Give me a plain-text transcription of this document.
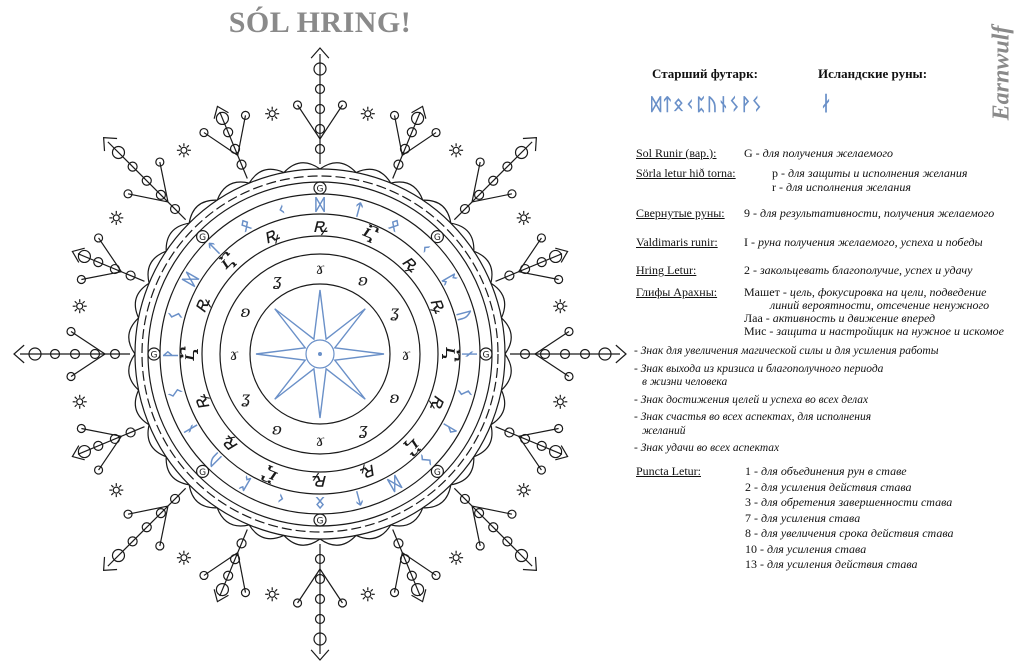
SÓL HRING!
G
G
G
G
G
G
G
G
ᛞ ᛏ
ᛟ
ᚲ
ᛈ
ᚢ
ᚾ
ᛊ
ᚹ
ᛊ
ᛞ
ᛏ
ᛟ
ᚲ
ᛈ
ᚢ
ᚾ
ᛊ
ᚹ
ᛊ
ᛞ
ᛏ
ᛟ
ᚲ
ꝶ Ⴀ
ꝶ
ꝶ
Ⴀ
ꝶ
Ⴀ
ꝶ
ꝶ
Ⴀ
ꝶ
ꝶ
Ⴀ
ꝶ
Ⴀ
ꝶ
ɤ
ʚ
ʓ
ɤ
ʚ
ʓ
ɤ
ʚ
ʓ
ɤ
ʚ
ʓ
Earnwulf
Старший футарк:	Исландские руны:
ᛞᛏᛟᚲᛈᚢᚾᛊᚹᛊ	ᛅ
Sol Runir (вар.): G - для получения желаемого
Sörla letur hið torna:	p - для защиты и исполнения желания
r - для исполнения желания
Свернутые руны: 9 - для результативности, получения желаемого
Valdimaris runir: I - руна получения желаемого, успеха и победы
Hring Letur:	2 - закольцевать благополучие, успех и удачу
Глифы Арахны: Машет - цель, фокусировка на цели, подведение
линий вероятности, отсечение ненужного
Лаа - активность и движение вперед
Мис - защита и настройщик на нужное и искомое
- Знак для увеличения магической силы и для усиления работы
- Знак выхода из кризиса и благополучного периода
в жизни человека
- Знак достижения целей и успеха во всех делах
- Знак счастья во всех аспектах, для исполнения
желаний
- Знак удачи во всех аспектах
Puncta Letur:	1 - для объединения рун в ставе
2 - для усиления действия става
3 - для обретения завершенности става
7 - для усиления става
8 - для увеличения срока действия става
10 - для усиления става
13 - для усиления действия става
